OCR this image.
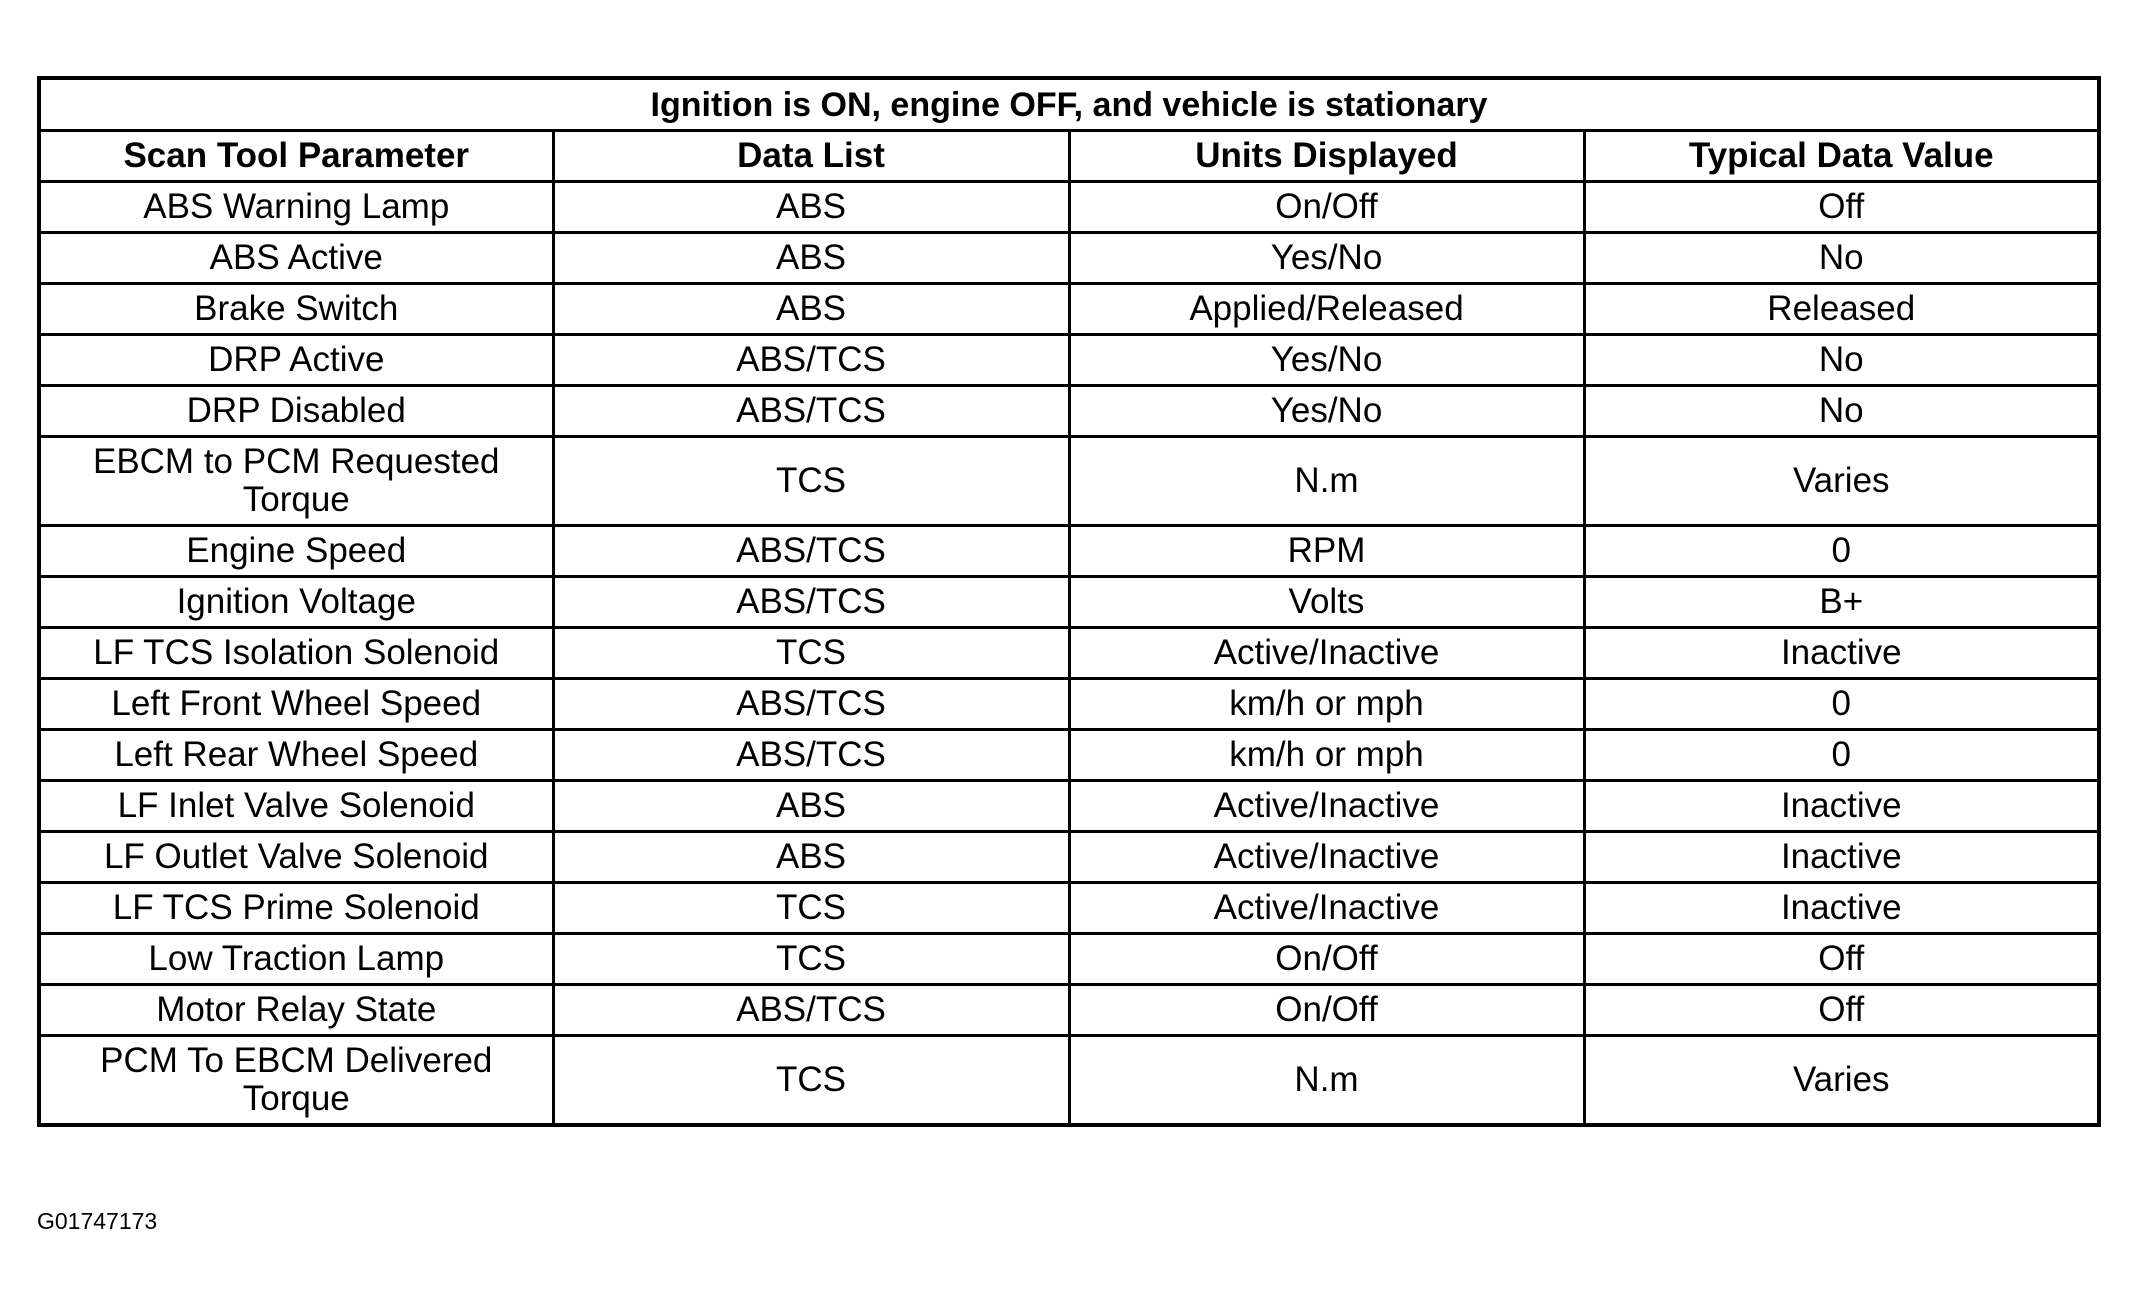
Ignition is ON, engine OFF, and vehicle is stationary			
Scan Tool Parameter	Data List	Units Displayed	Typical Data Value
ABS Warning Lamp	ABS	On/Off	Off
ABS Active	ABS	Yes/No	No
Brake Switch	ABS	Applied/Released	Released
DRP Active	ABS/TCS	Yes/No	No
DRP Disabled	ABS/TCS	Yes/No	No
EBCM to PCM Requested Torque	TCS	N.m	Varies
Engine Speed	ABS/TCS	RPM	0
Ignition Voltage	ABS/TCS	Volts	B+
LF TCS Isolation Solenoid	TCS	Active/Inactive	Inactive
Left Front Wheel Speed	ABS/TCS	km/h or mph	0
Left Rear Wheel Speed	ABS/TCS	km/h or mph	0
LF Inlet Valve Solenoid	ABS	Active/Inactive	Inactive
LF Outlet Valve Solenoid	ABS	Active/Inactive	Inactive
LF TCS Prime Solenoid	TCS	Active/Inactive	Inactive
Low Traction Lamp	TCS	On/Off	Off
Motor Relay State	ABS/TCS	On/Off	Off
PCM To EBCM Delivered Torque	TCS	N.m	Varies
G01747173
